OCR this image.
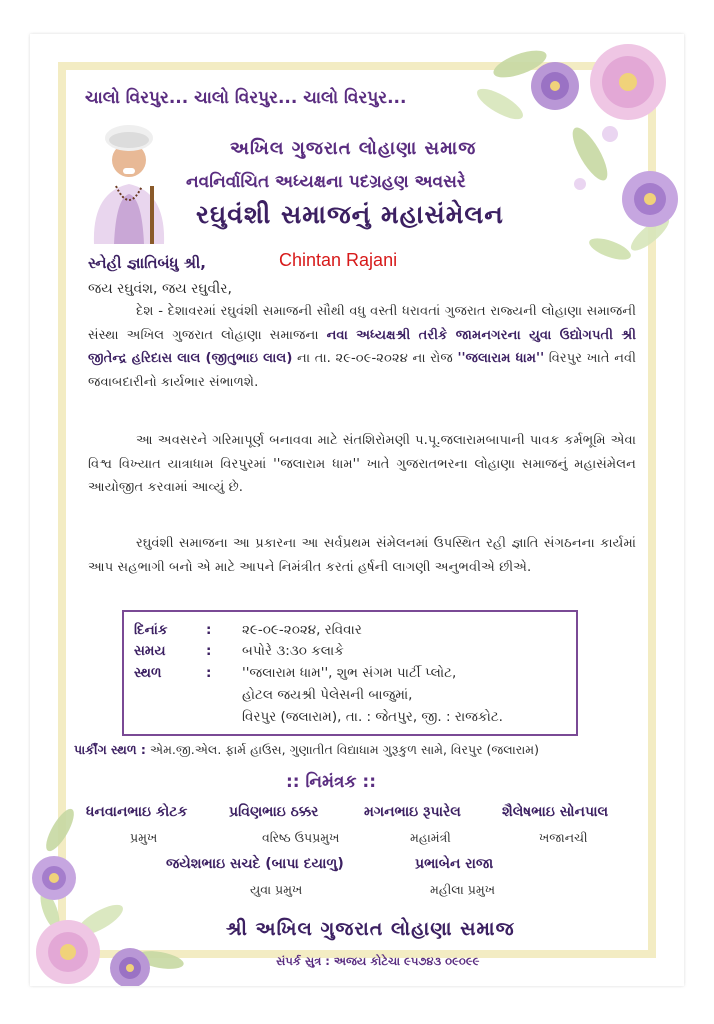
ચાલો વિરપુર... ચાલો વિરપુર... ચાલો વિરપુર...
અખિલ ગુજરાત લોહાણા સમાજ
નવનિર્વાચિત અધ્યક્ષના પદગ્રહણ અવસરે
રઘુવંશી સમાજનું મહાસંમેલન
સ્નેહી જ્ઞાતિબંધુ શ્રી,	Chintan Rajani
જય રઘુવંશ, જય રઘુવીર,
દેશ - દેશાવરમાં રઘુવંશી સમાજની સૌથી વધુ વસ્તી ધરાવતાં ગુજરાત રાજ્યની લોહાણા સમાજની સંસ્થા અખિલ ગુજરાત લોહાણા સમાજના નવા અધ્યક્ષશ્રી તરીકે જામનગરના યુવા ઉદ્યોગપતી શ્રી જીતેન્દ્ર હરિદાસ લાલ (જીતુભાઇ લાલ) ના તા. ૨૯-૦૯-૨૦૨૪ ના રોજ ''જલારામ ધામ'' વિરપુર ખાતે નવી જવાબદારીનો કાર્યભાર સંભાળશે.
આ અવસરને ગરિમાપૂર્ણ બનાવવા માટે સંતશિરોમણી પ.પૂ.જલારામબાપાની પાવક કર્મભૂમિ એવા વિશ્વ વિખ્યાત યાત્રાધામ વિરપુરમાં ''જલારામ ધામ'' ખાતે ગુજરાતભરના લોહાણા સમાજનું મહાસંમેલન આયોજીત કરવામાં આવ્યું છે.
રઘુવંશી સમાજના આ પ્રકારના આ સર્વપ્રથમ સંમેલનમાં ઉપસ્થિત રહી જ્ઞાતિ સંગઠનના કાર્યમાં આપ સહભાગી બનો એ માટે આપને નિમંત્રીત કરતાં હર્ષની લાગણી અનુભવીએ છીએ.
દિનાંક	: ૨૯-૦૯-૨૦૨૪, રવિવાર
સમય	: બપોરે ૩:૩૦ કલાકે
સ્થળ	: ''જલારામ ધામ'', શુભ સંગમ પાર્ટી પ્લોટ,
હોટલ જયશ્રી પેલેસની બાજુમાં,
વિરપુર (જલારામ), તા. : જેતપુર, જી. : રાજકોટ.
પાર્કીંગ સ્થળ : એમ.જી.એલ. ફાર્મ હાઉસ, ગુણાતીત વિદ્યાધામ ગુરૂકુળ સામે, વિરપુર (જલારામ)
:: નિમંત્રક ::
ધનવાનભાઇ કોટક
પ્રમુખ
પ્રવિણભાઇ ઠક્કર
વરિષ્ઠ ઉપપ્રમુખ
મગનભાઇ રૂપારેલ
મહામંત્રી
શૈલેષભાઇ સોનપાલ
ખજાનચી
જયેશભાઇ સચદે (બાપા દયાળુ)
યુવા પ્રમુખ
પ્રભાબેન રાજા
મહીલા પ્રમુખ
શ્રી અખિલ ગુજરાત લોહાણા સમાજ
સંપર્ક સુત્ર : અજય કોટેચા ૯૫૭૪૩ ૦૯૦૯૯
